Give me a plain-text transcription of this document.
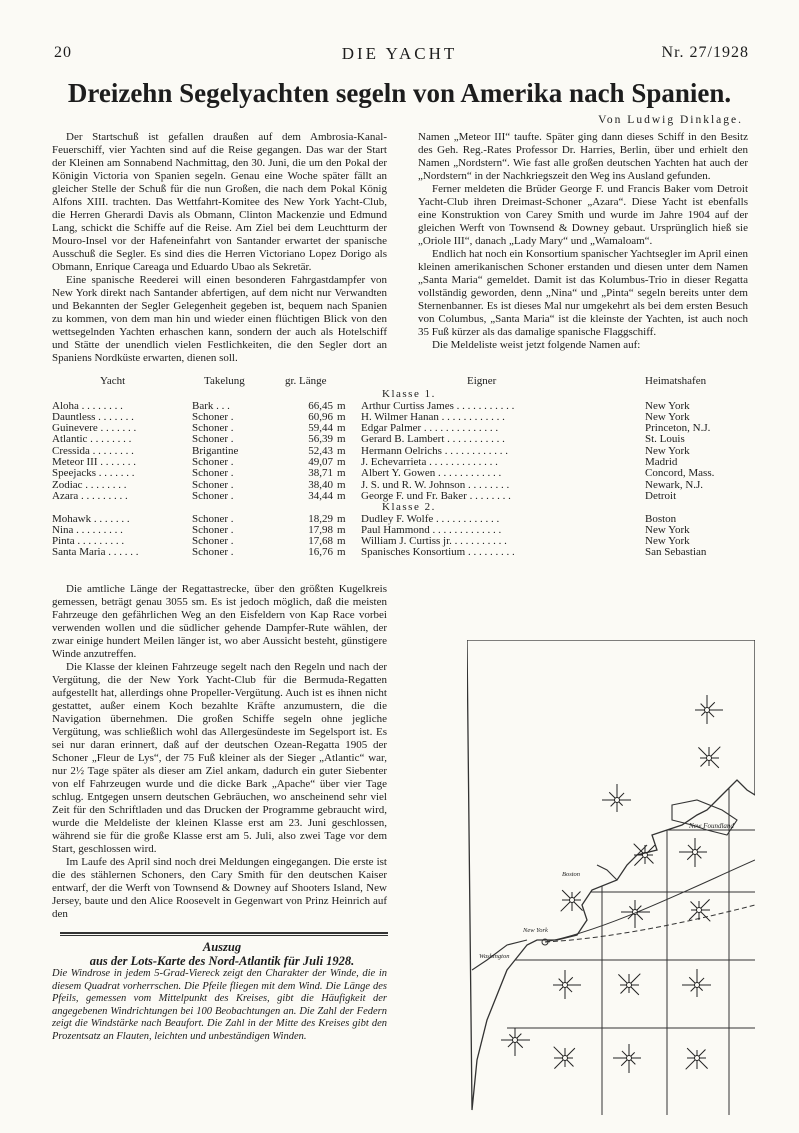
20	DIE YACHT	Nr. 27/1928
Dreizehn Segelyachten segeln von Amerika nach Spanien.
Von Ludwig Dinklage.

Der Startschuß ist gefallen draußen auf dem Ambrosia-Kanal-Feuerschiff, vier Yachten sind auf die Reise gegangen. Das war der Start der Kleinen am Sonnabend Nachmittag, den 30. Juni, die um den Pokal der Königin Victoria von Spanien segeln. Genau eine Woche später fällt an gleicher Stelle der Schuß für die nun Großen, die nach dem Pokal König Alfons XIII. trachten. Das Wettfahrt-Komitee des New York Yacht-Club, die Herren Gherardi Davis als Obmann, Clinton Mackenzie und Edmund Lang, schickt die Schiffe auf die Reise. Am Ziel bei dem Leuchtturm der Mouro-Insel vor der Hafeneinfahrt von Santander erwartet der spanische Ausschuß die Segler. Es sind dies die Herren Victoriano Lopez Dorigo als Obmann, Enrique Careaga und Eduardo Ubao als Sekretär.

Eine spanische Reederei will einen besonderen Fahrgastdampfer von New York direkt nach Santander abfertigen, auf dem nicht nur Verwandten und Bekannten der Segler Gelegenheit gegeben ist, bequem nach Spanien zu kommen, von dem man hin und wieder einen flüchtigen Blick von den wettsegelnden Yachten erhaschen kann, sondern der auch als Hotelschiff und Stätte der unendlich vielen Festlichkeiten, die den Segler dort an Spaniens Nordküste erwarten, dienen soll.

Namen „Meteor III“ taufte. Später ging dann dieses Schiff in den Besitz des Geh. Reg.-Rates Professor Dr. Harries, Berlin, über und erhielt den Namen „Nordstern“. Wie fast alle großen deutschen Yachten hat auch der „Nordstern“ in der Nachkriegszeit den Weg ins Ausland gefunden.

Ferner meldeten die Brüder George F. und Francis Baker vom Detroit Yacht-Club ihren Dreimast-Schoner „Azara“. Diese Yacht ist ebenfalls eine Konstruktion von Carey Smith und wurde im Jahre 1904 auf der gleichen Werft von Townsend & Downey gebaut. Ursprünglich hieß sie „Oriole III“, danach „Lady Mary“ und „Wamaloam“.

Endlich hat noch ein Konsortium spanischer Yachtsegler im April einen kleinen amerikanischen Schoner erstanden und diesen unter dem Namen „Santa Maria“ gemeldet. Damit ist das Kolumbus-Trio in dieser Regatta vollständig geworden, denn „Nina“ und „Pinta“ segeln bereits unter dem Sternenbanner. Es ist dieses Mal nur umgekehrt als bei dem ersten Besuch von Columbus, „Santa Maria“ ist die kleinste der Yachten, ist auch noch 35 Fuß kürzer als das damalige spanische Flaggschiff.

Die Meldeliste weist jetzt folgende Namen auf:

Yacht	Takelung	gr. Länge		Eigner	Heimatshafen
				Klasse 1.	
Aloha . . . . . . . .	Bark . . .	66,45	m	Arthur Curtiss James . . . . . . . . . . .	New York
Dauntless . . . . . . .	Schoner .	60,96	m	H. Wilmer Hanan . . . . . . . . . . . .	New York
Guinevere . . . . . . .	Schoner .	59,44	m	Edgar Palmer . . . . . . . . . . . . . .	Princeton, N.J.
Atlantic . . . . . . . .	Schoner .	56,39	m	Gerard B. Lambert . . . . . . . . . . .	St. Louis
Cressida . . . . . . . .	Brigantine	52,43	m	Hermann Oelrichs . . . . . . . . . . . .	New York
Meteor III . . . . . . .	Schoner .	49,07	m	J. Echevarrieta . . . . . . . . . . . . .	Madrid
Speejacks . . . . . . .	Schoner .	38,71	m	Albert Y. Gowen . . . . . . . . . . . .	Concord, Mass.
Zodiac . . . . . . . .	Schoner .	38,40	m	J. S. und R. W. Johnson . . . . . . . .	Newark, N.J.
Azara . . . . . . . . .	Schoner .	34,44	m	George F. und Fr. Baker . . . . . . . .	Detroit
				Klasse 2.	
Mohawk . . . . . . .	Schoner .	18,29	m	Dudley F. Wolfe . . . . . . . . . . . .	Boston
Nina . . . . . . . . .	Schoner .	17,98	m	Paul Hammond . . . . . . . . . . . . .	New York
Pinta . . . . . . . . .	Schoner .	17,68	m	William J. Curtiss jr. . . . . . . . . . .	New York
Santa Maria . . . . . .	Schoner .	16,76	m	Spanisches Konsortium . . . . . . . . .	San Sebastian

Die amtliche Länge der Regattastrecke, über den größten Kugelkreis gemessen, beträgt genau 3055 sm. Es ist jedoch möglich, daß die meisten Fahrzeuge den gefährlichen Weg an den Eisfeldern von Kap Race vorbei verwenden wollen und die südlicher gehende Dampfer-Rute wählen, der zwar einige hundert Meilen länger ist, wo aber Aussicht besteht, günstigere Winde anzutreffen.

Die Klasse der kleinen Fahrzeuge segelt nach den Regeln und nach der Vergütung, die der New York Yacht-Club für die Bermuda-Regatten aufgestellt hat, allerdings ohne Propeller-Vergütung. Auch ist es ihnen nicht gestattet, außer einem Koch bezahlte Kräfte anzumustern, die die Navigation übernehmen. Die großen Schiffe segeln ohne jegliche Vergütung, was schließlich wohl das Allergesündeste im Segelsport ist. Es sei nur daran erinnert, daß auf der deutschen Ozean-Regatta 1905 der Schoner „Fleur de Lys“, der 75 Fuß kleiner als der Sieger „Atlantic“ war, nur 2½ Tage später als dieser am Ziel ankam, dadurch ein guter Siebenter von elf Fahrzeugen wurde und die dicke Bark „Apache“ über vier Tage schlug. Entgegen unsern deutschen Gebräuchen, wo anscheinend sehr viel Zeit für den Schriftladen und das Drucken der Programme gebraucht wird, wurde die Meldeliste der kleinen Klasse erst am 23. Juni geschlossen, während sie für die große Klasse erst am 5. Juli, also zwei Tage vor dem Start, geschlossen wird.

Im Laufe des April sind noch drei Meldungen eingegangen. Die erste ist die des stählernen Schoners, den Cary Smith für den deutschen Kaiser entwarf, der die Werft von Townsend & Downey auf Shooters Island, New Jersey, baute und den Alice Roosevelt in Gegenwart von Prinz Heinrich auf den

Auszug
aus der Lots-Karte des Nord-Atlantik für Juli 1928.
Die Windrose in jedem 5-Grad-Viereck zeigt den Charakter der Winde, die in diesem Quadrat vorherrschen. Die Pfeile fliegen mit dem Wind. Die Länge des Pfeils, gemessen vom Mittelpunkt des Kreises, gibt die Häufigkeit der angegebenen Windrichtungen bei 100 Beobachtungen an. Die Zahl der Federn zeigt die Windstärke nach Beaufort. Die Zahl in der Mitte des Kreises gibt den Prozentsatz an Flauten, leichten und unbeständigen Winden.
New Foundland
Boston
New York
Washington
